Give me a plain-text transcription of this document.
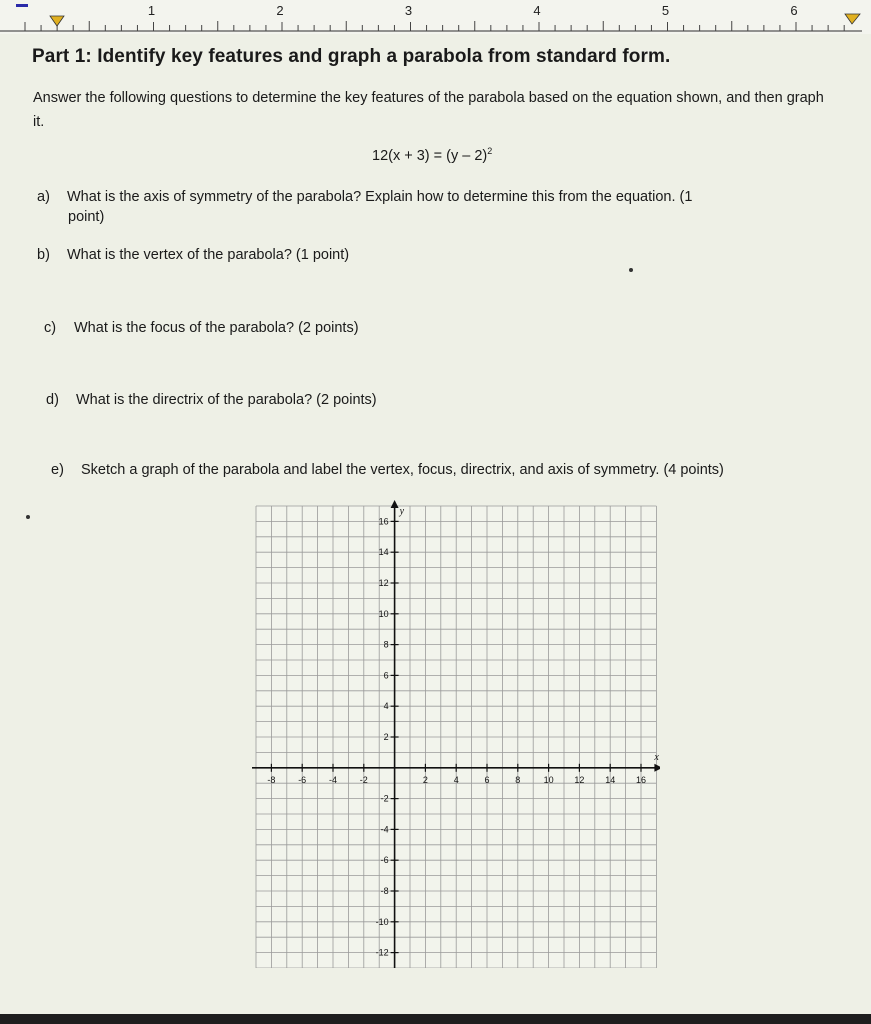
1	2	3	4	5	6
Part 1: Identify key features and graph a parabola from standard form.
Answer the following questions to determine the key features of the parabola based on the equation shown, and then graph it.
12(x + 3) = (y – 2)$^2$
a) What is the axis of symmetry of the parabola? Explain how to determine this from the equation. (1
point)
b) What is the vertex of the parabola? (1 point)
c) What is the focus of the parabola? (2 points)
d) What is the directrix of the parabola? (2 points)
e) Sketch a graph of the parabola and label the vertex, focus, directrix, and axis of symmetry. (4 points)
-8	-6	-4	-2	2	4	6	8	10 12 14 16
16
14
12
10
8
6
4
2
-2
-4
-6
-8
-10
-12
x
y
